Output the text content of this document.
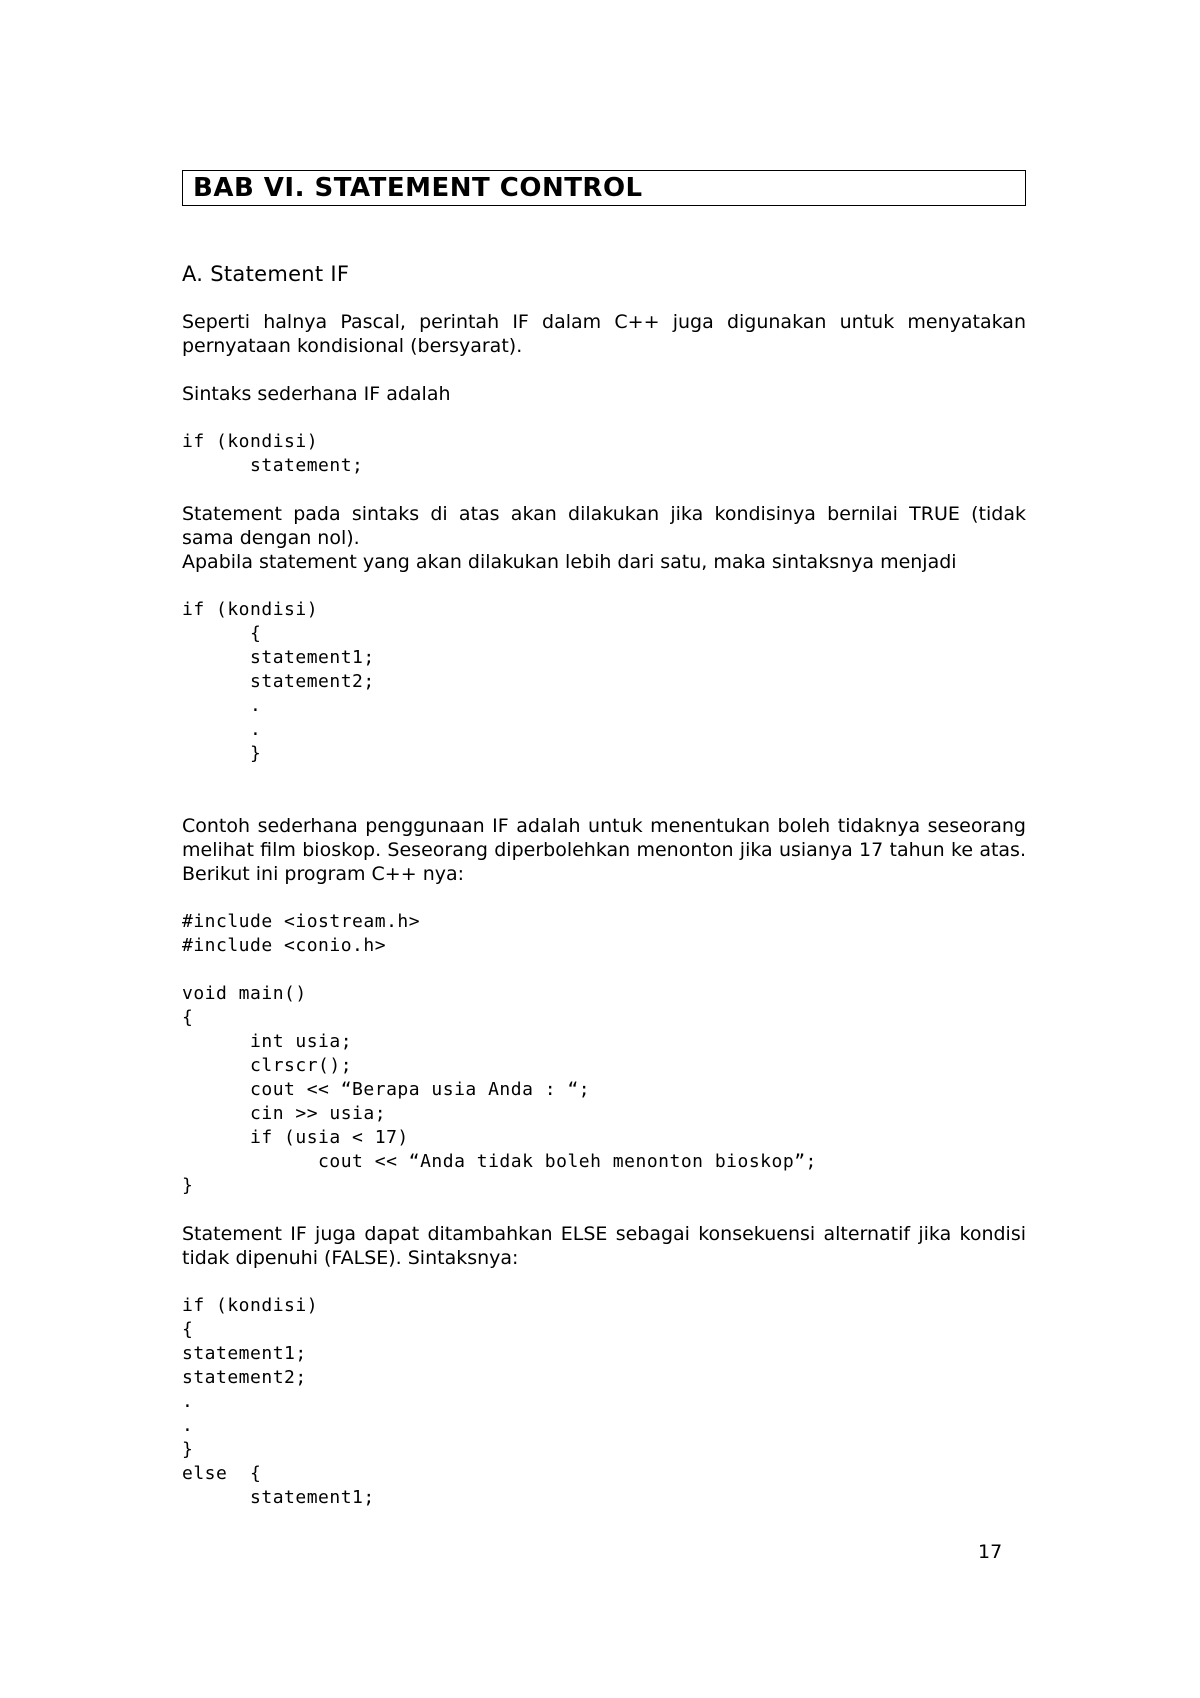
BAB VI. STATEMENT CONTROL
A. Statement IF

Seperti halnya Pascal, perintah IF dalam C++ juga digunakan untuk menyatakan pernyataan kondisional (bersyarat).

Sintaks sederhana IF adalah

if (kondisi)
statement;

Statement pada sintaks di atas akan dilakukan jika kondisinya bernilai TRUE (tidak sama dengan nol).

Apabila statement yang akan dilakukan lebih dari satu, maka sintaksnya menjadi

if (kondisi)
{
statement1;
statement2;
.
.
}

Contoh sederhana penggunaan IF adalah untuk menentukan boleh tidaknya seseorang melihat film bioskop. Seseorang diperbolehkan menonton jika usianya 17 tahun ke atas. Berikut ini program C++ nya:

#include <iostream.h>
#include <conio.h>

void main()
{
int usia;
clrscr();
cout << “Berapa usia Anda : “;
cin >> usia;
if (usia < 17)
cout << “Anda tidak boleh menonton bioskop”;
}

Statement IF juga dapat ditambahkan ELSE sebagai konsekuensi alternatif jika kondisi tidak dipenuhi (FALSE). Sintaksnya:

if (kondisi)
{
statement1;
statement2;
.
.
}
else  {
statement1;
17
